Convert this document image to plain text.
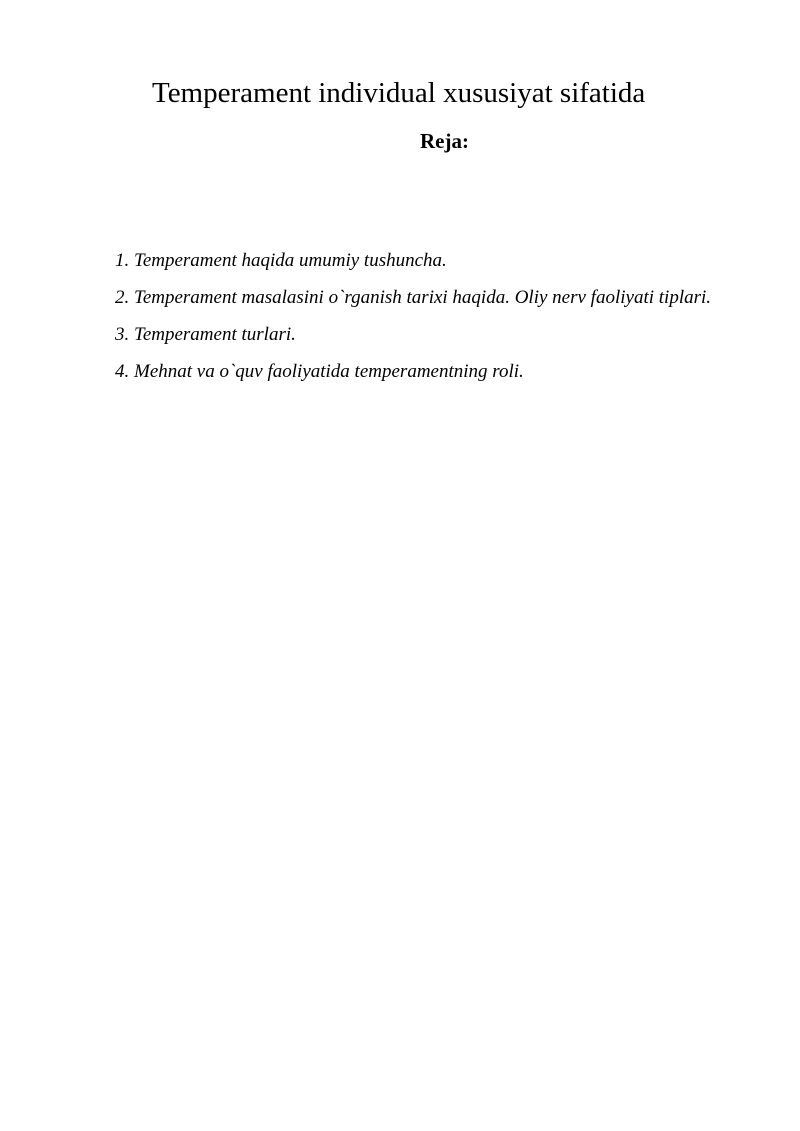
Temperament individual xususiyat sifatida
Reja:
1. Temperament haqida umumiy tushuncha.
2. Temperament masalasini o`rganish tarixi haqida. Oliy nerv faoliyati tiplari.
3. Temperament turlari.
4. Mehnat va o`quv faoliyatida temperamentning roli.
